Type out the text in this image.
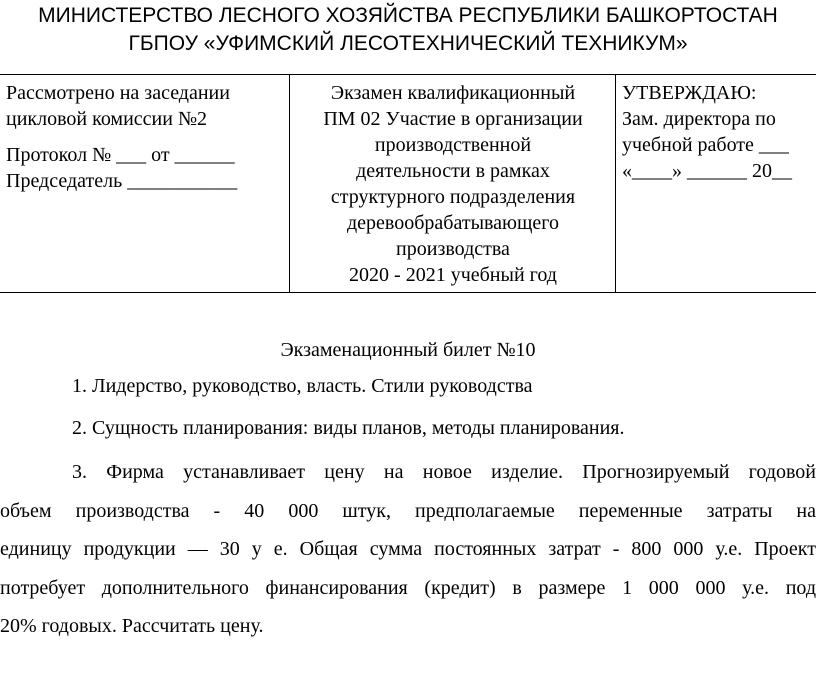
МИНИСТЕРСТВО ЛЕСНОГО ХОЗЯЙСТВА РЕСПУБЛИКИ БАШКОРТОСТАН
ГБПОУ «УФИМСКИЙ ЛЕСОТЕХНИЧЕСКИЙ ТЕХНИКУМ»

Рассмотрено на заседании

цикловой комиссии №2

Протокол № ___ от ______

Председатель ___________

Экзамен квалификационный

ПМ 02 Участие в организации

производственной

деятельности в рамках

структурного подразделения

деревообрабатывающего

производства

2020 - 2021 учебный год

УТВЕРЖДАЮ:

Зам. директора по

учебной работе ___

«____» ______ 20__

Экзаменационный билет №10
1. Лидерство, руководство, власть. Стили руководства
2. Сущность планирования: виды планов, методы планирования.
3. Фирма устанавливает цену на новое изделие. Прогнозируемый годовой
объем производства - 40 000 штук, предполагаемые переменные затраты на
единицу продукции — 30 у е. Общая сумма постоянных затрат - 800 000 у.е. Проект
потребует дополнительного финансирования (кредит) в размере 1 000 000 у.е. под
20% годовых. Рассчитать цену.
